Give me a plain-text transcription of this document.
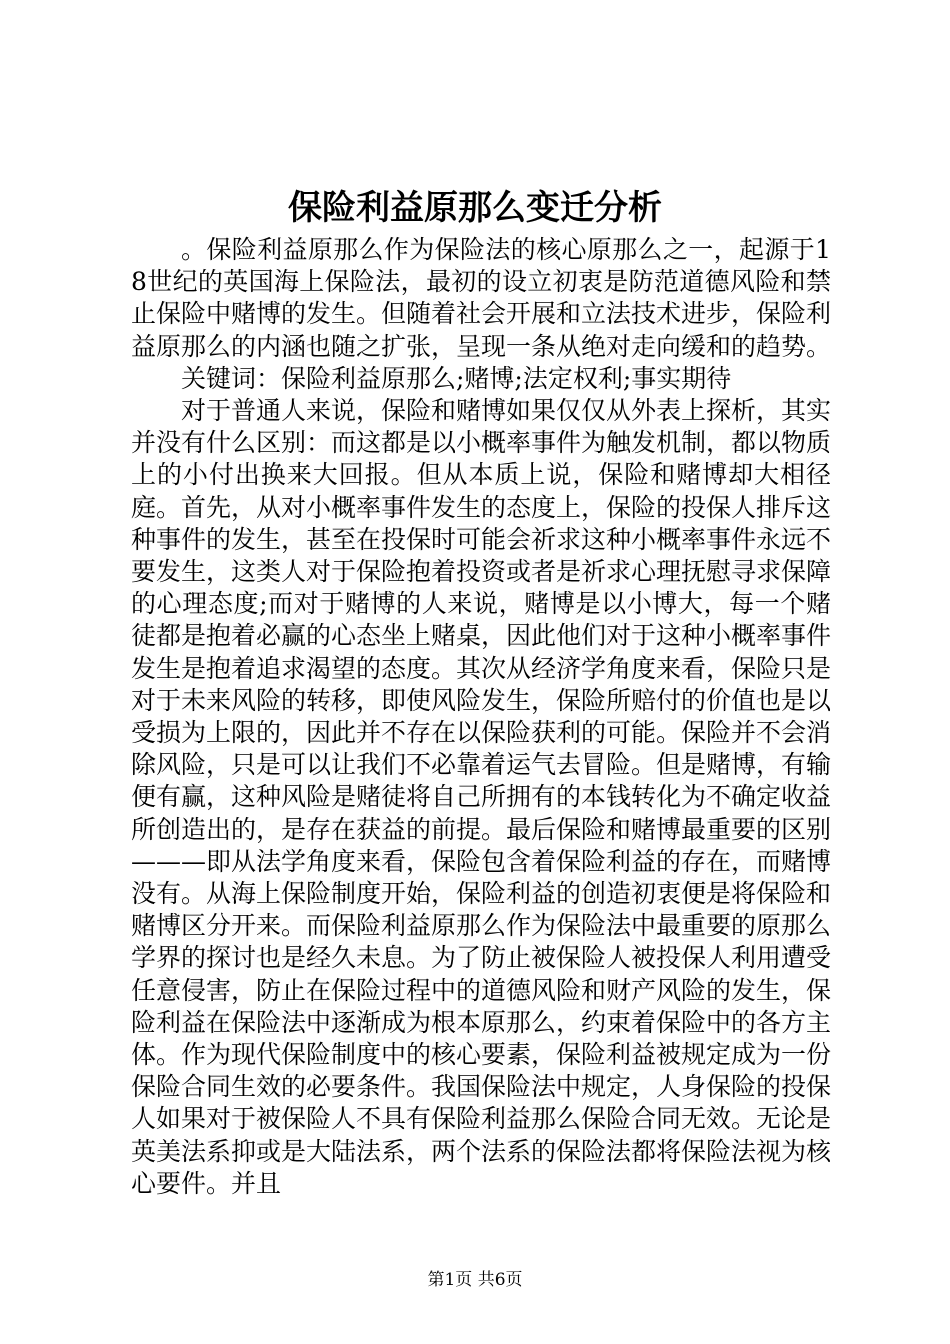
保险利益原那么变迁分析

。保险利益原那么作为保险法的核心原那么之一，起源于18世纪的英国海上保险法，最初的设立初衷是防范道德风险和禁止保险中赌博的发生。但随着社会开展和立法技术进步，保险利益原那么的内涵也随之扩张，呈现一条从绝对走向缓和的趋势。

关键词：保险利益原那么;赌博;法定权利;事实期待

对于普通人来说，保险和赌博如果仅仅从外表上探析，其实并没有什么区别：而这都是以小概率事件为触发机制，都以物质上的小付出换来大回报。但从本质上说，保险和赌博却大相径庭。首先，从对小概率事件发生的态度上，保险的投保人排斥这种事件的发生，甚至在投保时可能会祈求这种小概率事件永远不要发生，这类人对于保险抱着投资或者是祈求心理抚慰寻求保障的心理态度;而对于赌博的人来说，赌博是以小博大，每一个赌徒都是抱着必赢的心态坐上赌桌，因此他们对于这种小概率事件发生是抱着追求渴望的态度。其次从经济学角度来看，保险只是对于未来风险的转移，即使风险发生，保险所赔付的价值也是以受损为上限的，因此并不存在以保险获利的可能。保险并不会消除风险，只是可以让我们不必靠着运气去冒险。但是赌博，有输便有赢，这种风险是赌徒将自己所拥有的本钱转化为不确定收益所创造出的，是存在获益的前提。最后保险和赌博最重要的区别———即从法学角度来看，保险包含着保险利益的存在，而赌博没有。从海上保险制度开始，保险利益的创造初衷便是将保险和赌博区分开来。而保险利益原那么作为保险法中最重要的原那么学界的探讨也是经久未息。为了防止被保险人被投保人利用遭受任意侵害，防止在保险过程中的道德风险和财产风险的发生，保险利益在保险法中逐渐成为根本原那么，约束着保险中的各方主体。作为现代保险制度中的核心要素，保险利益被规定成为一份保险合同生效的必要条件。我国保险法中规定，人身保险的投保人如果对于被保险人不具有保险利益那么保险合同无效。无论是英美法系抑或是大陆法系，两个法系的保险法都将保险法视为核心要件。并且

第1页 共6页
